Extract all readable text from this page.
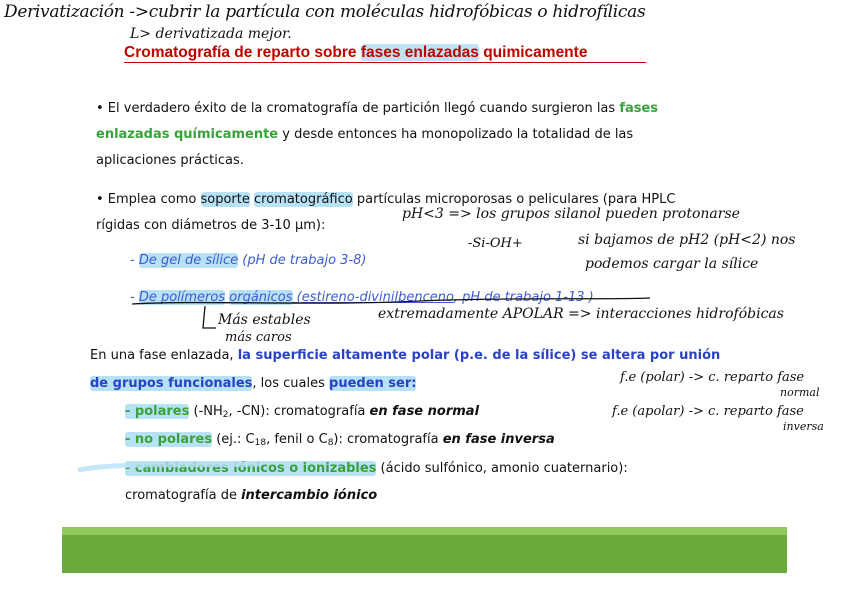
Derivatización ->cubrir la partícula con moléculas hidrofóbicas o hidrofílicas
L> derivatizada mejor.
Cromatografía de reparto sobre fases enlazadas quimicamente
• El verdadero éxito de la cromatografía de partición llegó cuando surgieron las fases
enlazadas químicamente y desde entonces ha monopolizado la totalidad de las
aplicaciones prácticas.
• Emplea como soporte cromatográfico partículas microporosas o peliculares (para HPLC
rígidas con diámetros de 3-10 µm):
pH<3 => los grupos silanol pueden protonarse
-Si-OH+	si bajamos de pH2 (pH<2) nos
podemos cargar la sílice
- De gel de sílice (pH de trabajo 3-8)
- De polímeros orgánicos (estireno-divinilbenceno, pH de trabajo 1-13 )
Más estables
más caros
extremadamente APOLAR => interacciones hidrofóbicas
En una fase enlazada, la superficie altamente polar (p.e. de la sílice) se altera por unión
de grupos funcionales, los cuales pueden ser:	f.e (polar) -> c. reparto fase
normal
f.e (apolar) -> c. reparto fase
inversa
- polares ($-NH_2$, -CN): cromatografía en fase normal
- no polares (ej.: $C_{18}$, fenil o $C_8$): cromatografía en fase inversa
- cambiadores iónicos o ionizables (ácido sulfónico, amonio cuaternario):
cromatografía de intercambio iónico
